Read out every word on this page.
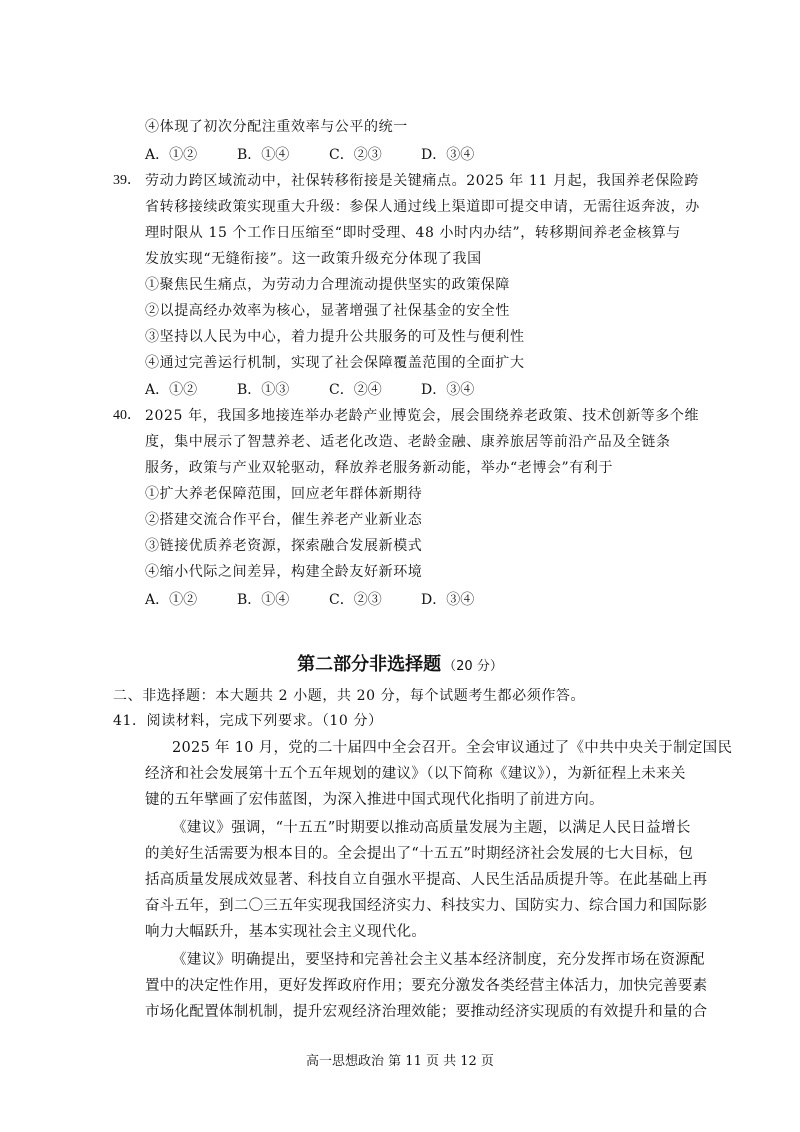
④体现了初次分配注重效率与公平的统一
A．①②	B．①④	C．②③	D．③④
39． 劳动力跨区域流动中，社保转移衔接是关键痛点。2025 年 11 月起，我国养老保险跨
省转移接续政策实现重大升级：参保人通过线上渠道即可提交申请，无需往返奔波，办
理时限从 15 个工作日压缩至“即时受理、48 小时内办结”，转移期间养老金核算与
发放实现“无缝衔接”。这一政策升级充分体现了我国
①聚焦民生痛点，为劳动力合理流动提供坚实的政策保障
②以提高经办效率为核心，显著增强了社保基金的安全性
③坚持以人民为中心，着力提升公共服务的可及性与便利性
④通过完善运行机制，实现了社会保障覆盖范围的全面扩大
A．①②	B．①③	C．②④	D．③④
40． 2025 年，我国多地接连举办老龄产业博览会，展会围绕养老政策、技术创新等多个维
度，集中展示了智慧养老、适老化改造、老龄金融、康养旅居等前沿产品及全链条
服务，政策与产业双轮驱动，释放养老服务新动能，举办“老博会”有利于
①扩大养老保障范围，回应老年群体新期待
②搭建交流合作平台，催生养老产业新业态
③链接优质养老资源，探索融合发展新模式
④缩小代际之间差异，构建全龄友好新环境
A．①②	B．①④	C．②③	D．③④
第二部分非选择题 （20 分）
二、非选择题：本大题共 2 小题，共 20 分，每个试题考生都必须作答。
41．阅读材料，完成下列要求。（10 分）
2025 年 10 月，党的二十届四中全会召开。全会审议通过了《中共中央关于制定国民
经济和社会发展第十五个五年规划的建议》（以下简称《建议》），为新征程上未来关
键的五年擘画了宏伟蓝图，为深入推进中国式现代化指明了前进方向。
《建议》强调，“十五五”时期要以推动高质量发展为主题，以满足人民日益增长
的美好生活需要为根本目的。全会提出了“十五五”时期经济社会发展的七大目标，包
括高质量发展成效显著、科技自立自强水平提高、人民生活品质提升等。在此基础上再
奋斗五年，到二〇三五年实现我国经济实力、科技实力、国防实力、综合国力和国际影
响力大幅跃升，基本实现社会主义现代化。
《建议》明确提出，要坚持和完善社会主义基本经济制度，充分发挥市场在资源配
置中的决定性作用，更好发挥政府作用；要充分激发各类经营主体活力，加快完善要素
市场化配置体制机制，提升宏观经济治理效能；要推动经济实现质的有效提升和量的合
高一思想政治 第 11 页 共 12 页
